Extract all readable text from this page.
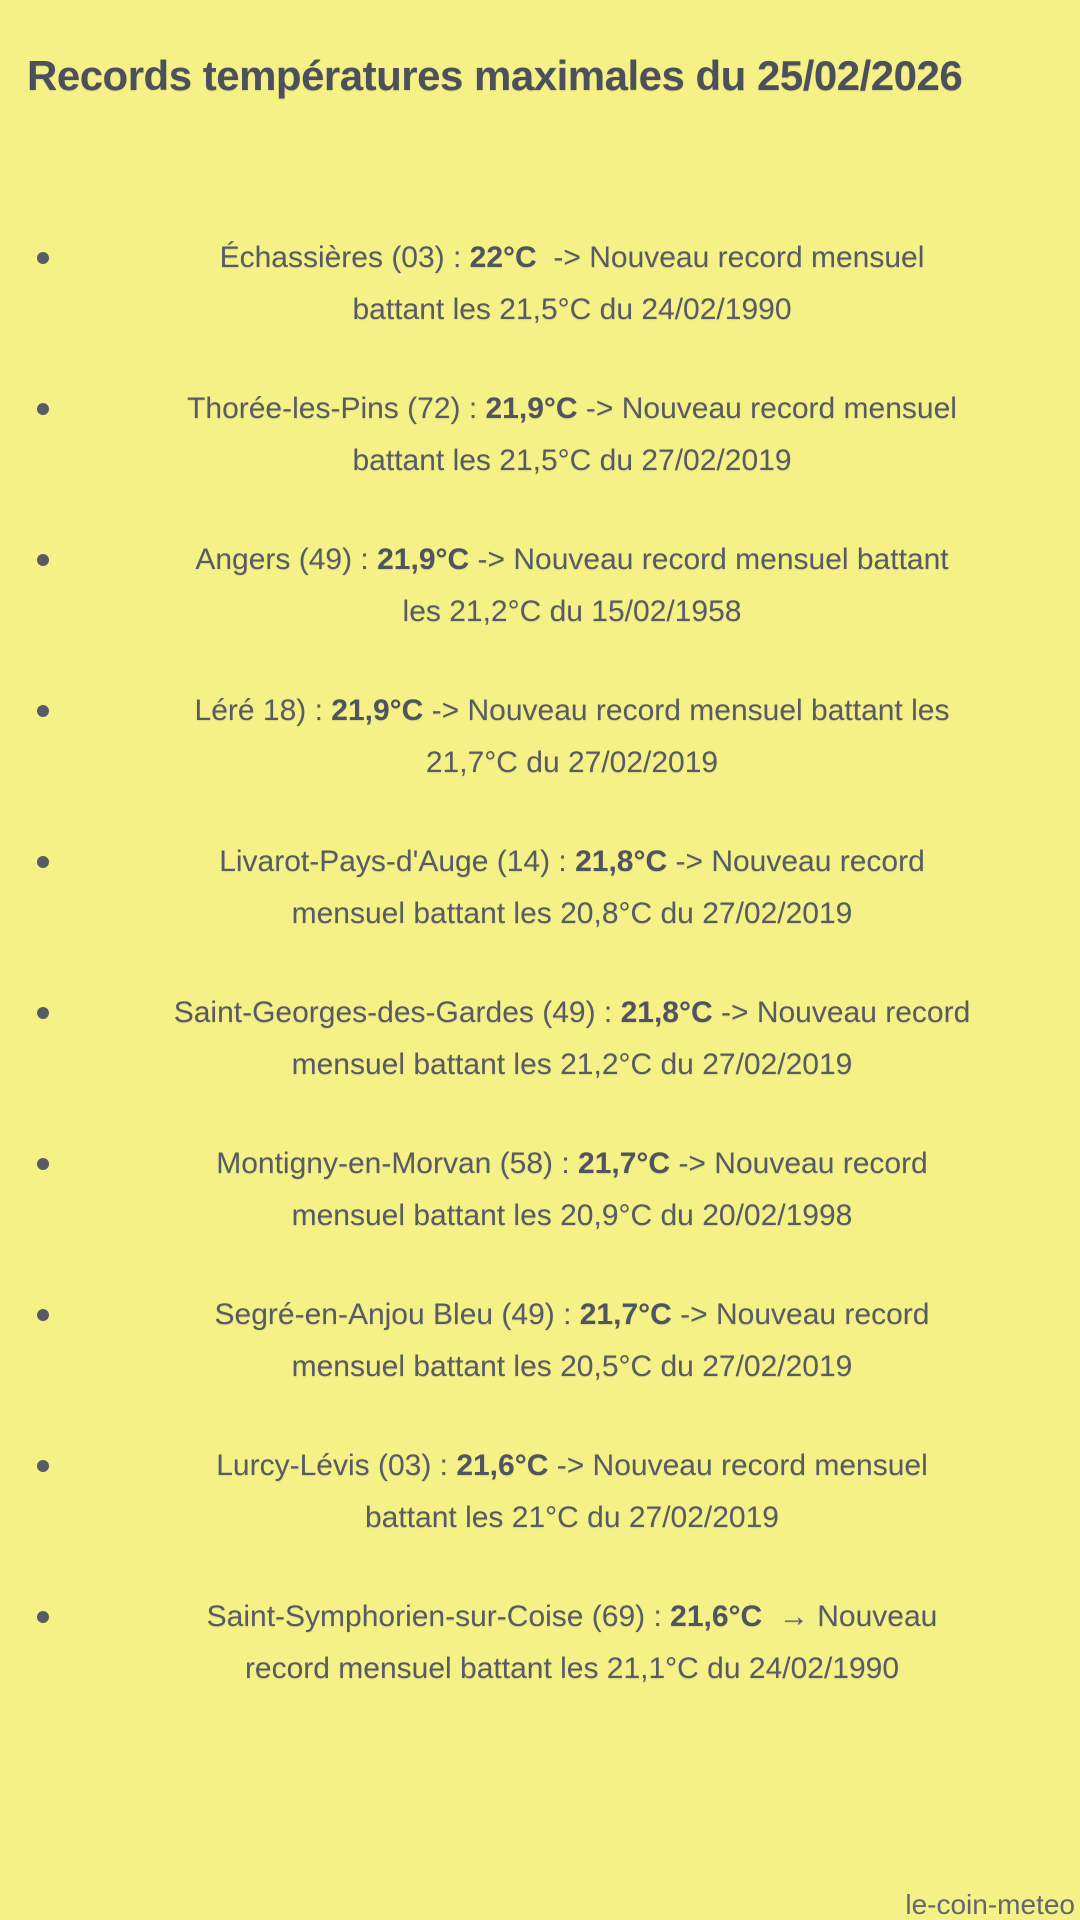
Records températures maximales du 25/02/2026
Échassières (03) : 22°C  -> Nouveau record mensuel
battant les 21,5°C du 24/02/1990
Thorée-les-Pins (72) : 21,9°C -> Nouveau record mensuel
battant les 21,5°C du 27/02/2019
Angers (49) : 21,9°C -> Nouveau record mensuel battant
les 21,2°C du 15/02/1958
Léré 18) : 21,9°C -> Nouveau record mensuel battant les
21,7°C du 27/02/2019
Livarot-Pays-d'Auge (14) : 21,8°C -> Nouveau record
mensuel battant les 20,8°C du 27/02/2019
Saint-Georges-des-Gardes (49) : 21,8°C -> Nouveau record
mensuel battant les 21,2°C du 27/02/2019
Montigny-en-Morvan (58) : 21,7°C -> Nouveau record
mensuel battant les 20,9°C du 20/02/1998
Segré-en-Anjou Bleu (49) : 21,7°C -> Nouveau record
mensuel battant les 20,5°C du 27/02/2019
Lurcy-Lévis (03) : 21,6°C -> Nouveau record mensuel
battant les 21°C du 27/02/2019
Saint-Symphorien-sur-Coise (69) : 21,6°C  → Nouveau
record mensuel battant les 21,1°C du 24/02/1990
le-coin-meteo
